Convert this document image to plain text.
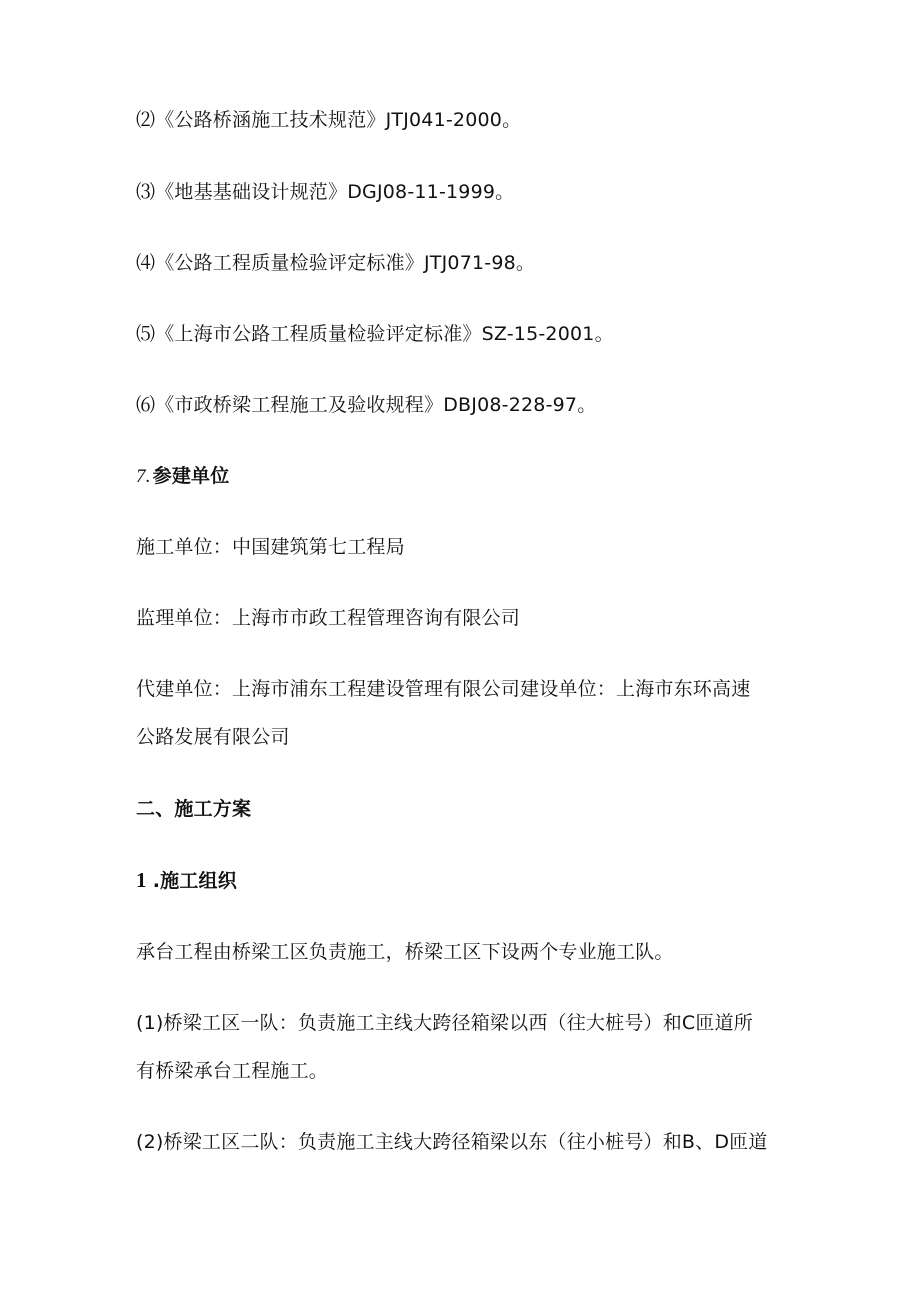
⑵《公路桥涵施工技术规范》JTJ041-2000。
⑶《地基基础设计规范》DGJ08-11-1999。
⑷《公路工程质量检验评定标准》JTJ071-98。
⑸《上海市公路工程质量检验评定标准》SZ-15-2001。
⑹《市政桥梁工程施工及验收规程》DBJ08-228-97。
7. 参建单位
施工单位：中国建筑第七工程局
监理单位：上海市市政工程管理咨询有限公司
代建单位：上海市浦东工程建设管理有限公司建设单位：上海市东环高速
公路发展有限公司
二、施工方案
1 .施工组织
承台工程由桥梁工区负责施工，桥梁工区下设两个专业施工队。
(1)桥梁工区一队：负责施工主线大跨径箱梁以西（往大桩号）和C匝道所
有桥梁承台工程施工。
(2)桥梁工区二队：负责施工主线大跨径箱梁以东（往小桩号）和B、D匝道
